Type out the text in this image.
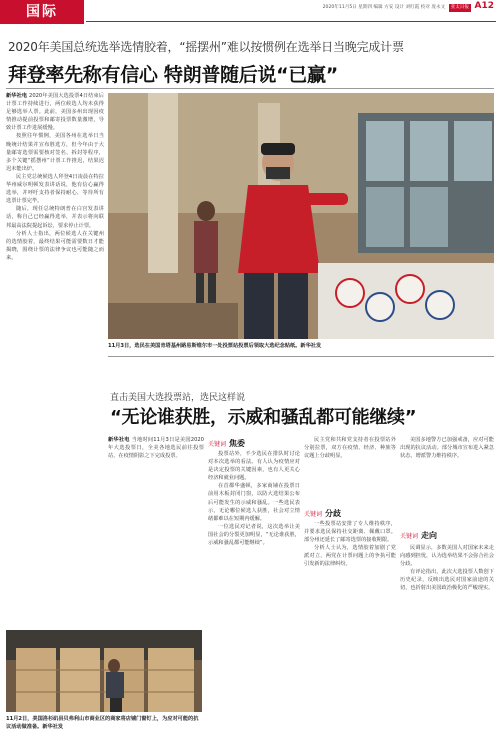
国际	2020年11月5日 星期四 编辑 方安 设计 刘红霞 校对 庞永文 亚太日报 A12
2020年美国总统选举选情胶着，“摇摆州”难以按惯例在选举日当晚完成计票
拜登率先称有信心 特朗普随后说“已赢”

新华社电 2020年美国大选投票4日结束后计票工作持续进行，两位候选人均未获得足够选举人票。此前，美国多州出现因疫情推动提前投票和邮寄投票数量激增，导致计票工作进展缓慢。

按照往年惯例，美国各州在选举日当晚统计结果并宣布胜选方，但今年由于大量邮寄选票需要核对签名、拆封等程序，多个关键“摇摆州”计票工作推迟，结果迟迟未能出炉。

民主党总统候选人拜登4日凌晨在特拉华州威尔明顿发表讲话说，他有信心赢得选举，并呼吁支持者保持耐心，等待所有选票计票完毕。

随后，现任总统特朗普在白宫发表讲话，称自己已经赢得选举，并表示将向联邦最高法院提起诉讼，要求停止计票。

分析人士指出，两位候选人在关键州的选情胶着，最终结果可能需要数日才能揭晓，围绕计票的法律争议也可能随之而来。

11月3日，选民在美国肯塔基州路易斯维尔市一处投票站投票后领取大选纪念贴纸。新华社发
直击美国大选投票站，选民这样说
“无论谁获胜，示威和骚乱都可能继续”

新华社电 当地时间11月3日是美国2020年大选投票日，全美各地选民前往投票站，在疫情阴影之下完成投票。

关键词 焦委

投票站外，不少选民在排队时讨论对本次选举的看法。有人认为疫情应对是决定投票的关键因素，也有人更关心经济和就业问题。

在首都华盛顿，多家商铺在投票日前用木板封闭门窗，以防大选结果公布后可能发生的示威和骚乱。一些选民表示，无论哪位候选人获胜，社会对立情绪都难以在短期内缓解。

一位选民对记者说，这次选举让美国社会的分裂更加明显，“无论谁获胜，示威和骚乱都可能继续”。

关键词 分歧

民主党和共和党支持者在投票站外分别拉票，双方在疫情、经济、种族等议题上分歧明显。

一些投票站安排了专人维持秩序，并要求选民保持社交距离、佩戴口罩。部分州还延长了邮寄选票的接收期限。

分析人士认为，选情胶着加剧了党派对立，两党在计票问题上的争执可能引发新的法律纠纷。

美国多地警方已加强戒备，应对可能出现的抗议活动。部分城市宣布进入紧急状态，增派警力维持秩序。

关键词 走向

民调显示，多数美国人对国家未来走向感到担忧，认为选举结果不会弥合社会分歧。

有评论指出，此次大选投票人数创下历史纪录，反映出选民对国家前途的关切，也折射出美国政治极化的严峻现实。

11月2日，美国洛杉矶县贝弗利山市商业区的商家将店铺门窗钉上，为应对可能的抗议活动做准备。新华社发
